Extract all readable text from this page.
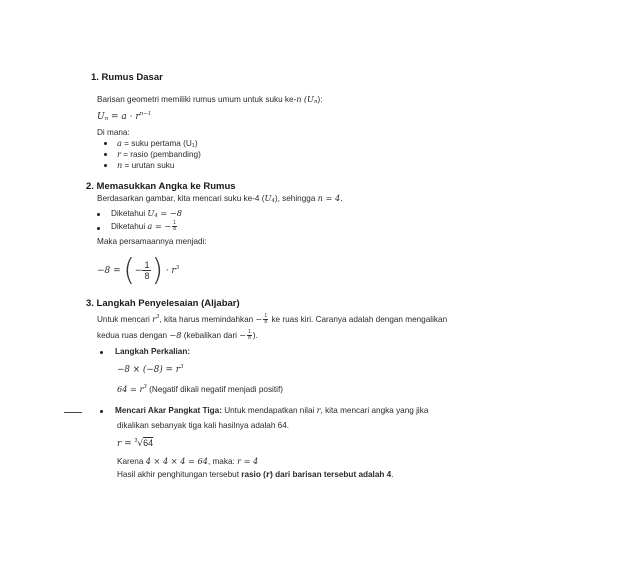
1. Rumus Dasar
Barisan geometri memiliki rumus umum untuk suku ke-n $(U_n)$:
$U_n = a \cdot r^{n-1}$
Di mana:
a = suku pertama $(U_1)$
r = rasio (pembanding)
n = urutan suku
2. Memasukkan Angka ke Rumus
Berdasarkan gambar, kita mencari suku ke-4 $(U_4)$, sehingga n = 4.
Diketahui $U_4 = -8$
Diketahui a = − $\frac{1}{8}$
Maka persamaannya menjadi:
−8 = (− $\frac{1}{8}$ ) · $r^3$
3. Langkah Penyelesaian (Aljabar)
Untuk mencari $r^3$, kita harus memindahkan − $\frac{1}{8}$ ke ruas kiri. Caranya adalah dengan mengalikan
kedua ruas dengan −8 (kebalikan dari − $\frac{1}{8}$ ).
Langkah Perkalian:
$-8 \times (-8) = r^3$
$64 = r^3$ (Negatif dikali negatif menjadi positif)
Mencari Akar Pangkat Tiga: Untuk mendapatkan nilai r, kita mencari angka yang jika
dikalikan sebanyak tiga kali hasilnya adalah 64.
r = $^3$√64
Karena 4 × 4 × 4 = 64, maka: r = 4
Hasil akhir penghitungan tersebut rasio (r) dari barisan tersebut adalah 4.
